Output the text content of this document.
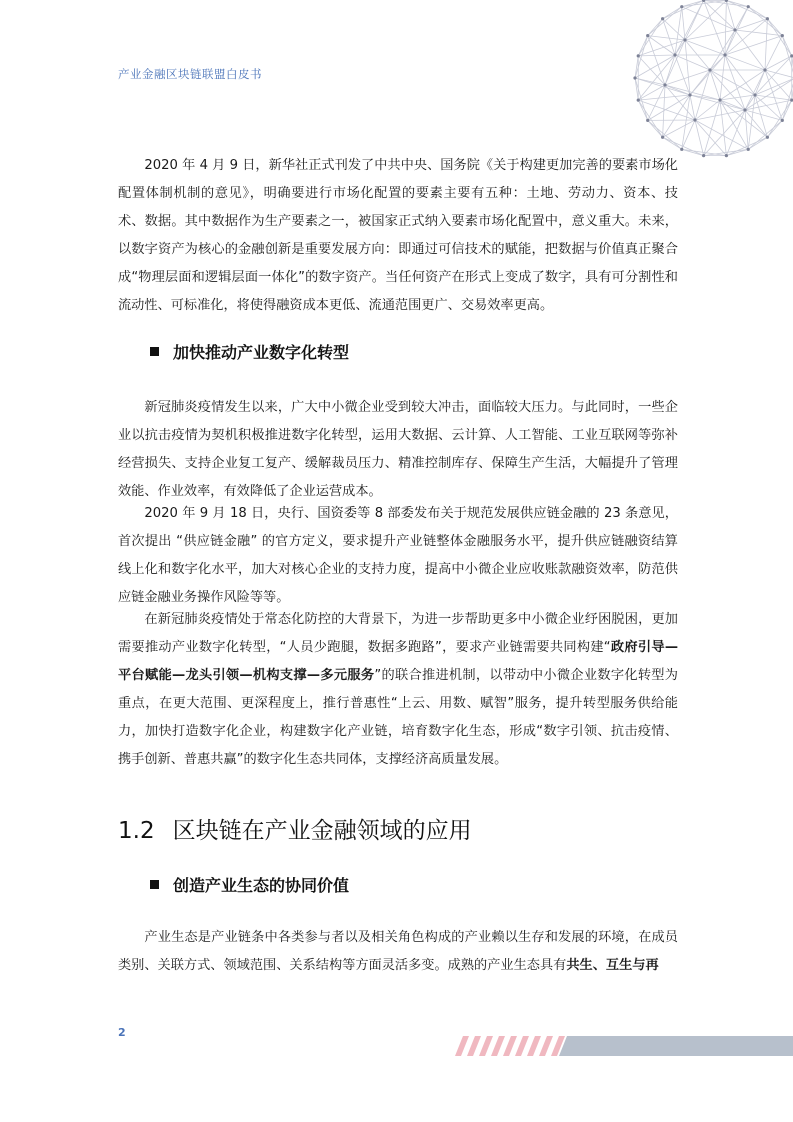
产业金融区块链联盟白皮书

2020 年 4 月 9 日，新华社正式刊发了中共中央、国务院《关于构建更加完善的要素市场化配置体制机制的意见》，明确要进行市场化配置的要素主要有五种：土地、劳动力、资本、技术、数据。其中数据作为生产要素之一，被国家正式纳入要素市场化配置中，意义重大。未来，以数字资产为核心的金融创新是重要发展方向：即通过可信技术的赋能，把数据与价值真正聚合成“物理层面和逻辑层面一体化”的数字资产。当任何资产在形式上变成了数字，具有可分割性和流动性、可标准化，将使得融资成本更低、流通范围更广、交易效率更高。

加快推动产业数字化转型

新冠肺炎疫情发生以来，广大中小微企业受到较大冲击，面临较大压力。与此同时，一些企业以抗击疫情为契机积极推进数字化转型，运用大数据、云计算、人工智能、工业互联网等弥补经营损失、支持企业复工复产、缓解裁员压力、精准控制库存、保障生产生活，大幅提升了管理效能、作业效率，有效降低了企业运营成本。

2020 年 9 月 18 日，央行、国资委等 8 部委发布关于规范发展供应链金融的 23 条意见，首次提出 “供应链金融” 的官方定义，要求提升产业链整体金融服务水平，提升供应链融资结算线上化和数字化水平，加大对核心企业的支持力度，提高中小微企业应收账款融资效率，防范供应链金融业务操作风险等等。

在新冠肺炎疫情处于常态化防控的大背景下，为进一步帮助更多中小微企业纾困脱困，更加需要推动产业数字化转型，“人员少跑腿，数据多跑路”，要求产业链需要共同构建“政府引导—平台赋能—龙头引领—机构支撑—多元服务”的联合推进机制，以带动中小微企业数字化转型为重点，在更大范围、更深程度上，推行普惠性“上云、用数、赋智”服务，提升转型服务供给能力，加快打造数字化企业，构建数字化产业链，培育数字化生态，形成“数字引领、抗击疫情、携手创新、普惠共赢”的数字化生态共同体，支撑经济高质量发展。

1.2 区块链在产业金融领域的应用
创造产业生态的协同价值

产业生态是产业链条中各类参与者以及相关角色构成的产业赖以生存和发展的环境，在成员类别、关联方式、领域范围、关系结构等方面灵活多变。成熟的产业生态具有共生、互生与再

2
